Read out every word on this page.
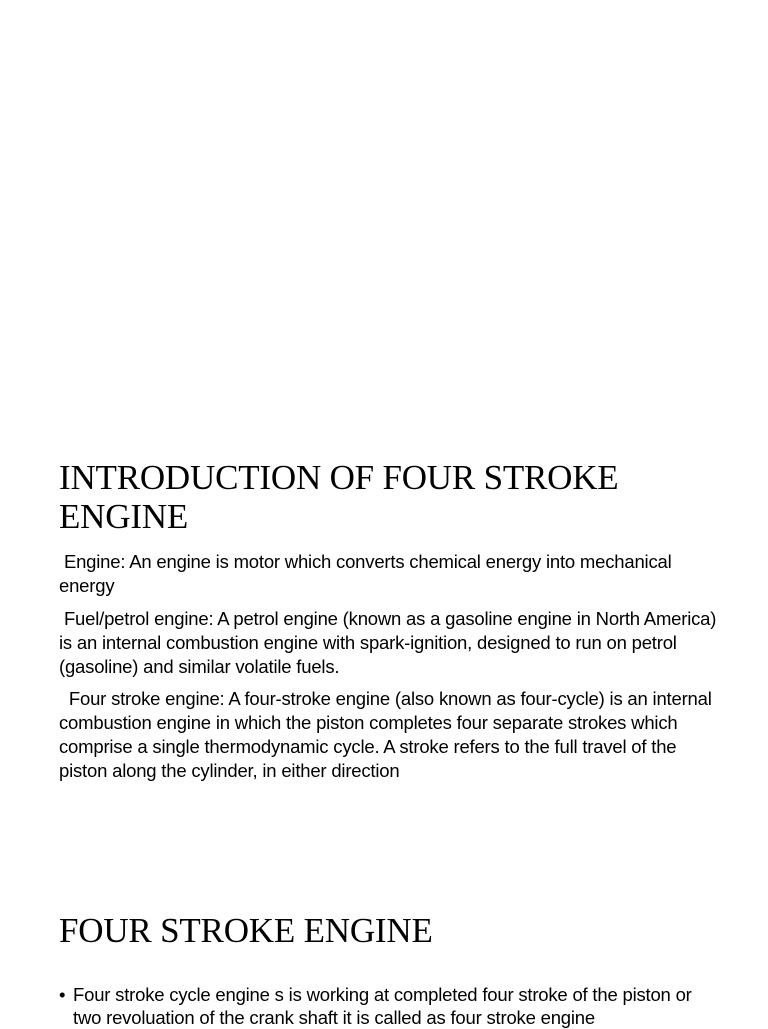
INTRODUCTION OF FOUR STROKE ENGINE

Engine: An engine is motor which converts chemical energy into mechanical energy

Fuel/petrol engine: A petrol engine (known as a gasoline engine in North America) is an internal combustion engine with spark-ignition, designed to run on petrol (gasoline) and similar volatile fuels.

Four stroke engine: A four-stroke engine (also known as four-cycle) is an internal combustion engine in which the piston completes four separate strokes which comprise a single thermodynamic cycle. A stroke refers to the full travel of the piston along the cylinder, in either direction

FOUR STROKE ENGINE
• Four stroke cycle engine s is working at completed four stroke of the piston or two revoluation of the crank shaft it is called as four stroke engine
